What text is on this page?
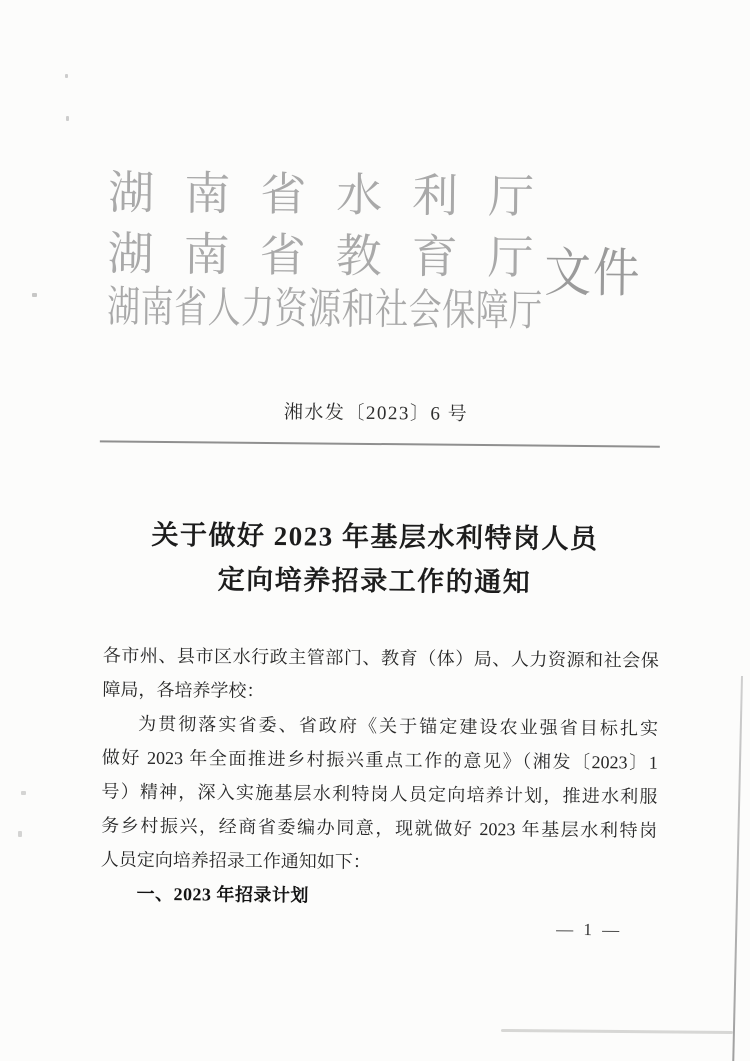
湖南省水利厅
湖南省教育厅
湖南省人力资源和社会保障厅
文件
湘水发〔2023〕6 号
关于做好 2023 年基层水利特岗人员
定向培养招录工作的通知
各市州、县市区水行政主管部门、教育（体）局、人力资源和社会保
障局，各培养学校：
为贯彻落实省委、省政府《关于锚定建设农业强省目标扎实
做好 2023 年全面推进乡村振兴重点工作的意见》（湘发〔2023〕1
号）精神，深入实施基层水利特岗人员定向培养计划，推进水利服
务乡村振兴，经商省委编办同意，现就做好 2023 年基层水利特岗
人员定向培养招录工作通知如下：
一、2023 年招录计划
— 1 —
